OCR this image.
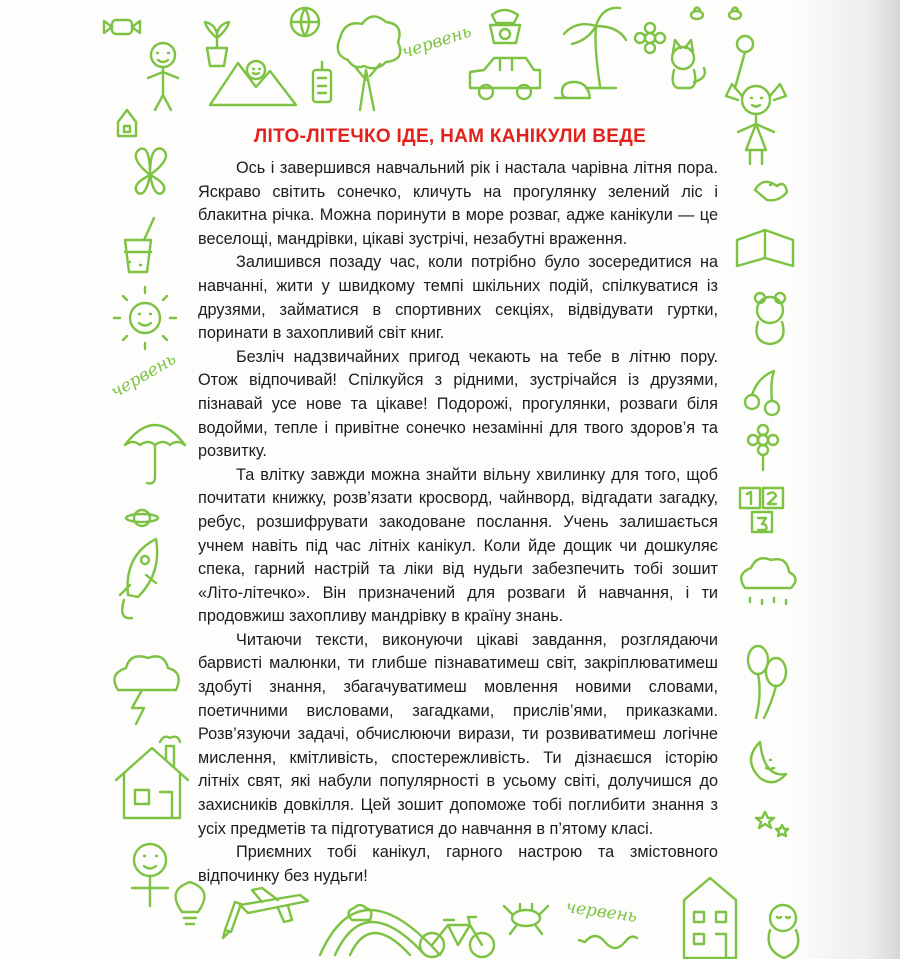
червень
червень
червень
ЛІТО-ЛІТЕЧКО ІДЕ, НАМ КАНІКУЛИ ВЕДЕ

Ось і завершився навчальний рік і настала чарівна літня пора. Яскраво світить сонечко, кличуть на прогулянку зелений ліс і блакитна річка. Можна поринути в море розваг, адже канікули — це веселощі, мандрівки, цікаві зустрічі, незабутні враження.

Залишився позаду час, коли потрібно було зосередитися на навчанні, жити у швидкому темпі шкільних подій, спілкуватися із друзями, займатися в спортивних секціях, відвідувати гуртки, поринати в захопливий світ книг.

Безліч надзвичайних пригод чекають на тебе в літню пору. Отож відпочивай! Спілкуйся з рідними, зустрічайся із друзями, пізнавай усе нове та цікаве! Подорожі, прогулянки, розваги біля водойми, тепле і привітне сонечко незамінні для твого здоров’я та розвитку.

Та влітку завжди можна знайти вільну хвилинку для того, щоб почитати книжку, розв’язати кросворд, чайнворд, відгадати загадку, ребус, розшифрувати закодоване послання. Учень залишається учнем навіть під час літніх канікул. Коли йде дощик чи дошкуляє спека, гарний настрій та ліки від нудьги забезпечить тобі зошит «Літо-літечко». Він призначений для розваги й навчання, і ти продовжиш захопливу мандрівку в країну знань.

Читаючи тексти, виконуючи цікаві завдання, розглядаючи барвисті малюнки, ти глибше пізнаватимеш світ, закріплюватимеш здобуті знання, збагачуватимеш мовлення новими словами, поетичними висловами, загадками, прислів’ями, приказками. Розв’язуючи задачі, обчислюючи вирази, ти розвиватимеш логічне мислення, кмітливість, спостережливість. Ти дізнаєшся історію літніх свят, які набули популярності в усьому світі, долучишся до захисників довкілля. Цей зошит допоможе тобі поглибити знання з усіх предметів та підготуватися до навчання в п’ятому класі.

Приємних тобі канікул, гарного настрою та змістовного відпочинку без нудьги!
